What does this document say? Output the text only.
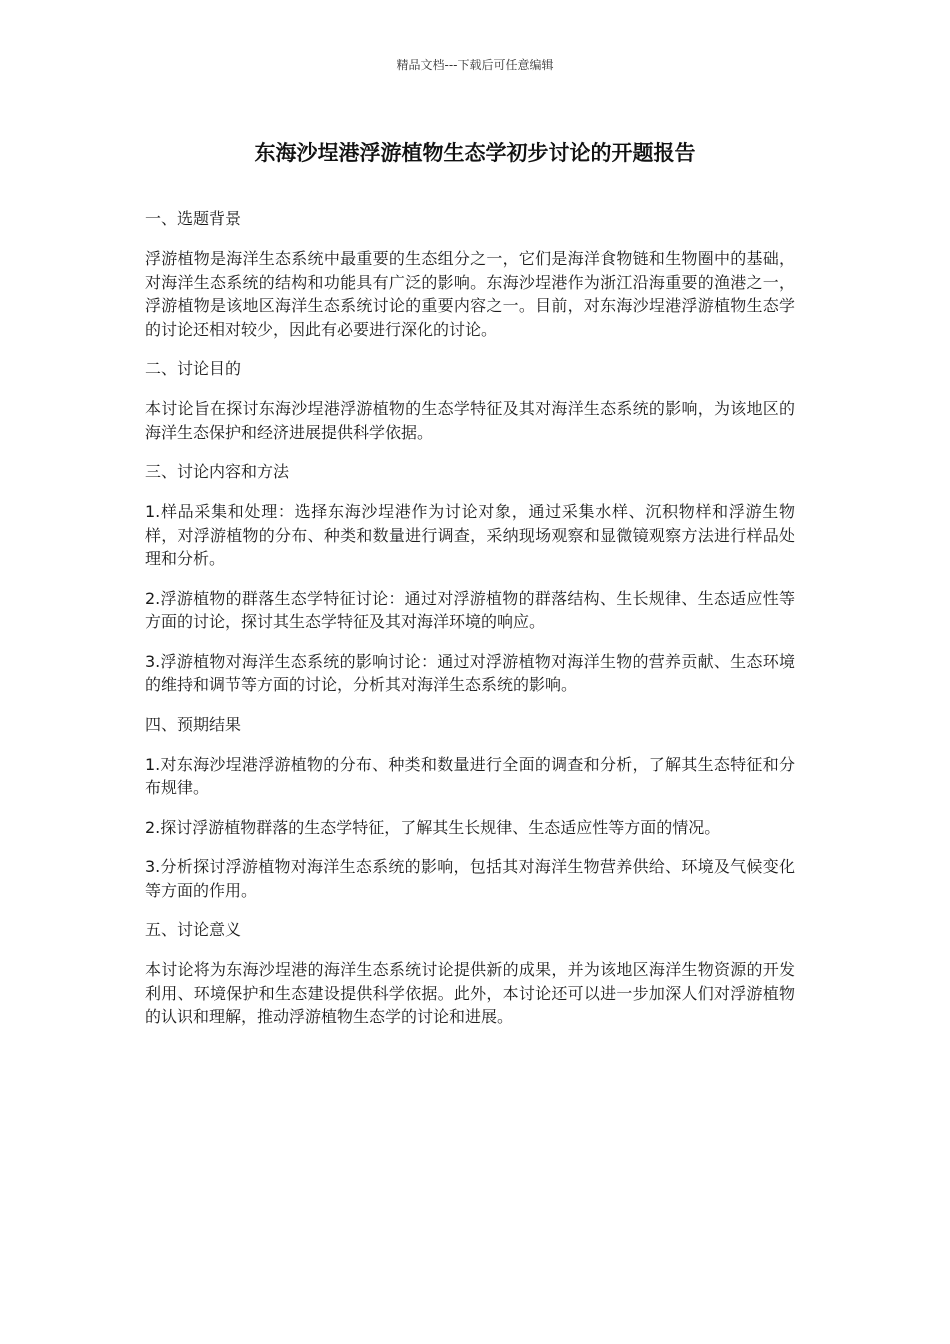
精品文档---下载后可任意编辑
东海沙埕港浮游植物生态学初步讨论的开题报告

一、选题背景

浮游植物是海洋生态系统中最重要的生态组分之一，它们是海洋食物链和生物圈中的基础，对海洋生态系统的结构和功能具有广泛的影响。东海沙埕港作为浙江沿海重要的渔港之一，浮游植物是该地区海洋生态系统讨论的重要内容之一。目前，对东海沙埕港浮游植物生态学的讨论还相对较少，因此有必要进行深化的讨论。

二、讨论目的

本讨论旨在探讨东海沙埕港浮游植物的生态学特征及其对海洋生态系统的影响，为该地区的海洋生态保护和经济进展提供科学依据。

三、讨论内容和方法

1.样品采集和处理：选择东海沙埕港作为讨论对象，通过采集水样、沉积物样和浮游生物样，对浮游植物的分布、种类和数量进行调查，采纳现场观察和显微镜观察方法进行样品处理和分析。

2.浮游植物的群落生态学特征讨论：通过对浮游植物的群落结构、生长规律、生态适应性等方面的讨论，探讨其生态学特征及其对海洋环境的响应。

3.浮游植物对海洋生态系统的影响讨论：通过对浮游植物对海洋生物的营养贡献、生态环境的维持和调节等方面的讨论，分析其对海洋生态系统的影响。

四、预期结果

1.对东海沙埕港浮游植物的分布、种类和数量进行全面的调查和分析，了解其生态特征和分布规律。

2.探讨浮游植物群落的生态学特征，了解其生长规律、生态适应性等方面的情况。

3.分析探讨浮游植物对海洋生态系统的影响，包括其对海洋生物营养供给、环境及气候变化等方面的作用。

五、讨论意义

本讨论将为东海沙埕港的海洋生态系统讨论提供新的成果，并为该地区海洋生物资源的开发利用、环境保护和生态建设提供科学依据。此外，本讨论还可以进一步加深人们对浮游植物的认识和理解，推动浮游植物生态学的讨论和进展。
